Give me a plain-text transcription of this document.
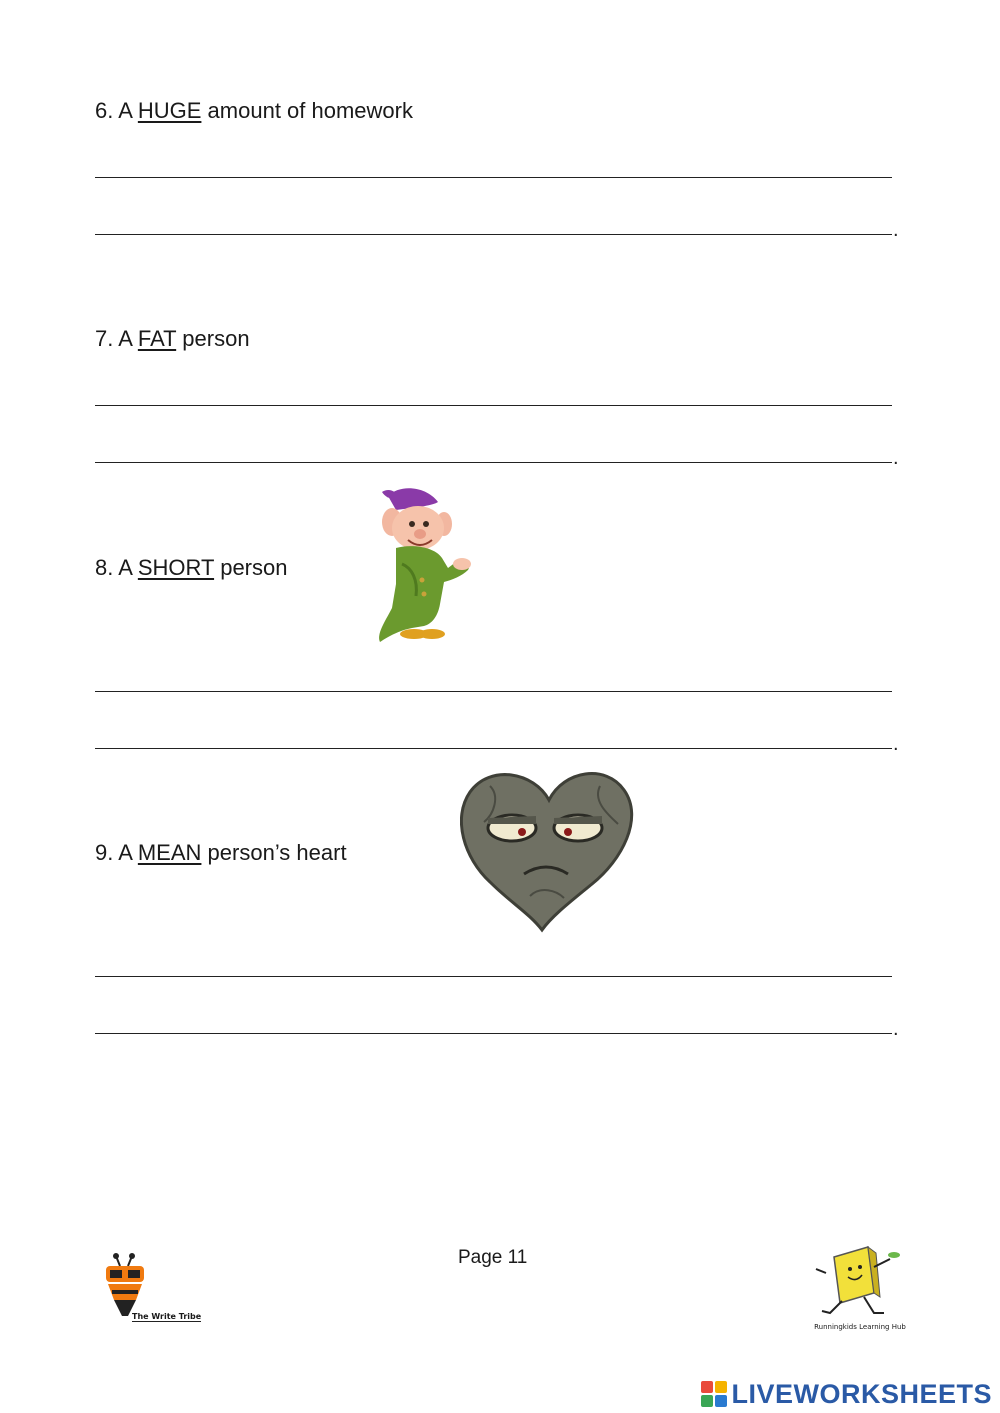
6. A HUGE amount of homework
.
7. A FAT person
.
8. A SHORT person
.
9. A MEAN person’s heart
.
Page 11
The Write Tribe
Runningkids Learning Hub
LIVEWORKSHEETS
